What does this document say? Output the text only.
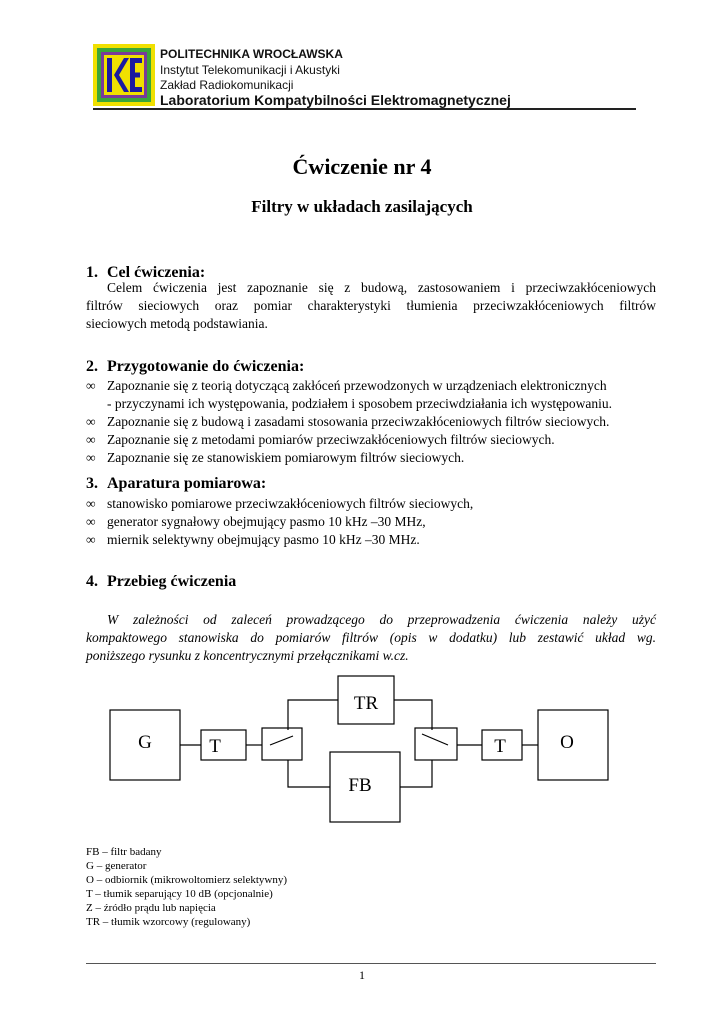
POLITECHNIKA WROCŁAWSKA
Instytut Telekomunikacji i Akustyki
Zakład Radiokomunikacji
Laboratorium Kompatybilności Elektromagnetycznej
Ćwiczenie nr 4
Filtry w układach zasilających
1. Cel ćwiczenia:
Celem ćwiczenia jest zapoznanie się z budową, zastosowaniem i przeciwzakłóceniowych
filtrów sieciowych oraz pomiar charakterystyki tłumienia przeciwzakłóceniowych filtrów
sieciowych metodą podstawiania.
2. Przygotowanie do ćwiczenia:
∞ Zapoznanie się z teorią dotyczącą zakłóceń przewodzonych w urządzeniach elektronicznych
- przyczynami ich występowania, podziałem i sposobem przeciwdziałania ich występowaniu.
∞ Zapoznanie się z budową i zasadami stosowania przeciwzakłóceniowych filtrów sieciowych.
∞ Zapoznanie się z metodami pomiarów przeciwzakłóceniowych filtrów sieciowych.
∞ Zapoznanie się ze stanowiskiem pomiarowym filtrów sieciowych.
3. Aparatura pomiarowa:
∞ stanowisko pomiarowe przeciwzakłóceniowych filtrów sieciowych,
∞ generator sygnałowy obejmujący pasmo 10 kHz –30 MHz,
∞ miernik selektywny obejmujący pasmo 10 kHz –30 MHz.
4. Przebieg ćwiczenia
W zależności od zaleceń prowadzącego do przeprowadzenia ćwiczenia należy użyć
kompaktowego stanowiska do pomiarów filtrów (opis w dodatku) lub zestawić układ wg.
poniższego rysunku z koncentrycznymi przełącznikami w.cz.
G	T
TR
FB
T	O
FB – filtr badany
G – generator
O – odbiornik (mikrowoltomierz selektywny)
T – tłumik separujący 10 dB (opcjonalnie)
Z – źródło prądu lub napięcia
TR – tłumik wzorcowy (regulowany)
1
